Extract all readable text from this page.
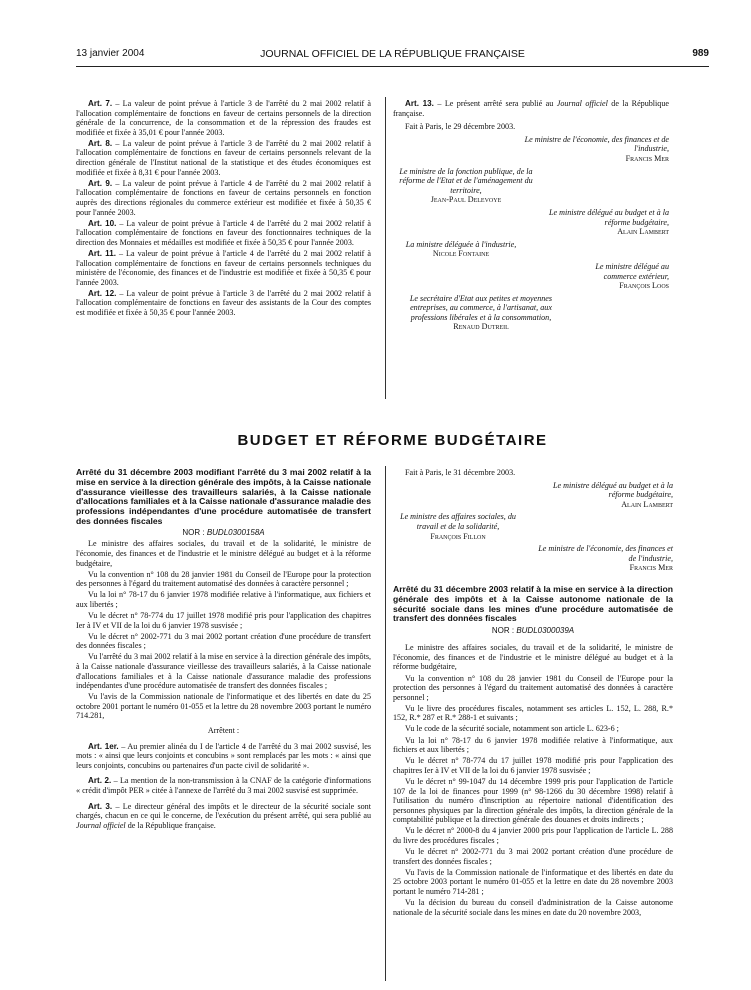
13 janvier 2004	JOURNAL OFFICIEL DE LA RÉPUBLIQUE FRANÇAISE	989

Art. 7. – La valeur de point prévue à l'article 3 de l'arrêté du 2 mai 2002 relatif à l'allocation complémentaire de fonctions en faveur de certains personnels de la direction générale de la concurrence, de la consommation et de la répression des fraudes est modifiée et fixée à 35,01 € pour l'année 2003.

Art. 8. – La valeur de point prévue à l'article 3 de l'arrêté du 2 mai 2002 relatif à l'allocation complémentaire de fonctions en faveur de certains personnels relevant de la direction générale de l'Institut national de la statistique et des études économiques est modifiée et fixée à 8,31 € pour l'année 2003.

Art. 9. – La valeur de point prévue à l'article 4 de l'arrêté du 2 mai 2002 relatif à l'allocation complémentaire de fonctions en faveur de certains personnels en fonction auprès des directions régionales du commerce extérieur est modifiée et fixée à 50,35 € pour l'année 2003.

Art. 10. – La valeur de point prévue à l'article 4 de l'arrêté du 2 mai 2002 relatif à l'allocation complémentaire de fonctions en faveur des fonctionnaires techniques de la direction des Monnaies et médailles est modifiée et fixée à 50,35 € pour l'année 2003.

Art. 11. – La valeur de point prévue à l'article 4 de l'arrêté du 2 mai 2002 relatif à l'allocation complémentaire de fonctions en faveur de certains personnels techniques du ministère de l'économie, des finances et de l'industrie est modifiée et fixée à 50,35 € pour l'année 2003.

Art. 12. – La valeur de point prévue à l'article 3 de l'arrêté du 2 mai 2002 relatif à l'allocation complémentaire de fonctions en faveur des assistants de la Cour des comptes est modifiée et fixée à 50,35 € pour l'année 2003.

Art. 13. – Le présent arrêté sera publié au Journal officiel de la République française.

Fait à Paris, le 29 décembre 2003.

Le ministre de l'économie, des finances et de l'industrie,
Francis Mer
Le ministre de la fonction publique, de la réforme de l'Etat et de l'aménagement du territoire,
Jean-Paul Delevoye
Le ministre délégué au budget et à la réforme budgétaire,
Alain Lambert
La ministre déléguée à l'industrie,
Nicole Fontaine
Le ministre délégué au commerce extérieur,
François Loos
Le secrétaire d'Etat aux petites et moyennes entreprises, au commerce, à l'artisanat, aux professions libérales et à la consommation,
Renaud Dutreil
BUDGET ET RÉFORME BUDGÉTAIRE

Arrêté du 31 décembre 2003 modifiant l'arrêté du 3 mai 2002 relatif à la mise en service à la direction générale des impôts, à la Caisse nationale d'assurance vieillesse des travailleurs salariés, à la Caisse nationale d'allocations familiales et à la Caisse nationale d'assurance maladie des professions indépendantes d'une procédure automatisée de transfert des données fiscales

NOR : BUDL0300158A

Le ministre des affaires sociales, du travail et de la solidarité, le ministre de l'économie, des finances et de l'industrie et le ministre délégué au budget et à la réforme budgétaire,

Vu la convention n° 108 du 28 janvier 1981 du Conseil de l'Europe pour la protection des personnes à l'égard du traitement automatisé des données à caractère personnel ;

Vu la loi n° 78-17 du 6 janvier 1978 modifiée relative à l'informatique, aux fichiers et aux libertés ;

Vu le décret n° 78-774 du 17 juillet 1978 modifié pris pour l'application des chapitres Ier à IV et VII de la loi du 6 janvier 1978 susvisée ;

Vu le décret n° 2002-771 du 3 mai 2002 portant création d'une procédure de transfert des données fiscales ;

Vu l'arrêté du 3 mai 2002 relatif à la mise en service à la direction générale des impôts, à la Caisse nationale d'assurance vieillesse des travailleurs salariés, à la Caisse nationale d'allocations familiales et à la Caisse nationale d'assurance maladie des professions indépendantes d'une procédure automatisée de transfert des données fiscales ;

Vu l'avis de la Commission nationale de l'informatique et des libertés en date du 25 octobre 2001 portant le numéro 01-055 et la lettre du 28 novembre 2003 portant le numéro 714.281,

Arrêtent :

Art. 1er. – Au premier alinéa du I de l'article 4 de l'arrêté du 3 mai 2002 susvisé, les mots : « ainsi que leurs conjoints et concubins » sont remplacés par les mots : « ainsi que leurs conjoints, concubins ou partenaires d'un pacte civil de solidarité ».

Art. 2. – La mention de la non-transmission à la CNAF de la catégorie d'informations « crédit d'impôt PER » citée à l'annexe de l'arrêté du 3 mai 2002 susvisé est supprimée.

Art. 3. – Le directeur général des impôts et le directeur de la sécurité sociale sont chargés, chacun en ce qui le concerne, de l'exécution du présent arrêté, qui sera publié au Journal officiel de la République française.

Fait à Paris, le 31 décembre 2003.

Le ministre délégué au budget et à la réforme budgétaire,
Alain Lambert
Le ministre des affaires sociales, du travail et de la solidarité,
François Fillon
Le ministre de l'économie, des finances et de l'industrie,
Francis Mer

Arrêté du 31 décembre 2003 relatif à la mise en service à la direction générale des impôts et à la Caisse autonome nationale de la sécurité sociale dans les mines d'une procédure automatisée de transfert des données fiscales

NOR : BUDL0300039A

Le ministre des affaires sociales, du travail et de la solidarité, le ministre de l'économie, des finances et de l'industrie et le ministre délégué au budget et à la réforme budgétaire,

Vu la convention n° 108 du 28 janvier 1981 du Conseil de l'Europe pour la protection des personnes à l'égard du traitement automatisé des données à caractère personnel ;

Vu le livre des procédures fiscales, notamment ses articles L. 152, L. 288, R.* 152, R.* 287 et R.* 288-1 et suivants ;

Vu le code de la sécurité sociale, notamment son article L. 623-6 ;

Vu la loi n° 78-17 du 6 janvier 1978 modifiée relative à l'informatique, aux fichiers et aux libertés ;

Vu le décret n° 78-774 du 17 juillet 1978 modifié pris pour l'application des chapitres Ier à IV et VII de la loi du 6 janvier 1978 susvisée ;

Vu le décret n° 99-1047 du 14 décembre 1999 pris pour l'application de l'article 107 de la loi de finances pour 1999 (n° 98-1266 du 30 décembre 1998) relatif à l'utilisation du numéro d'inscription au répertoire national d'identification des personnes physiques par la direction générale des impôts, la direction générale de la comptabilité publique et la direction générale des douanes et droits indirects ;

Vu le décret n° 2000-8 du 4 janvier 2000 pris pour l'application de l'article L. 288 du livre des procédures fiscales ;

Vu le décret n° 2002-771 du 3 mai 2002 portant création d'une procédure de transfert des données fiscales ;

Vu l'avis de la Commission nationale de l'informatique et des libertés en date du 25 octobre 2003 portant le numéro 01-055 et la lettre en date du 28 novembre 2003 portant le numéro 714-281 ;

Vu la décision du bureau du conseil d'administration de la Caisse autonome nationale de la sécurité sociale dans les mines en date du 20 novembre 2003,
